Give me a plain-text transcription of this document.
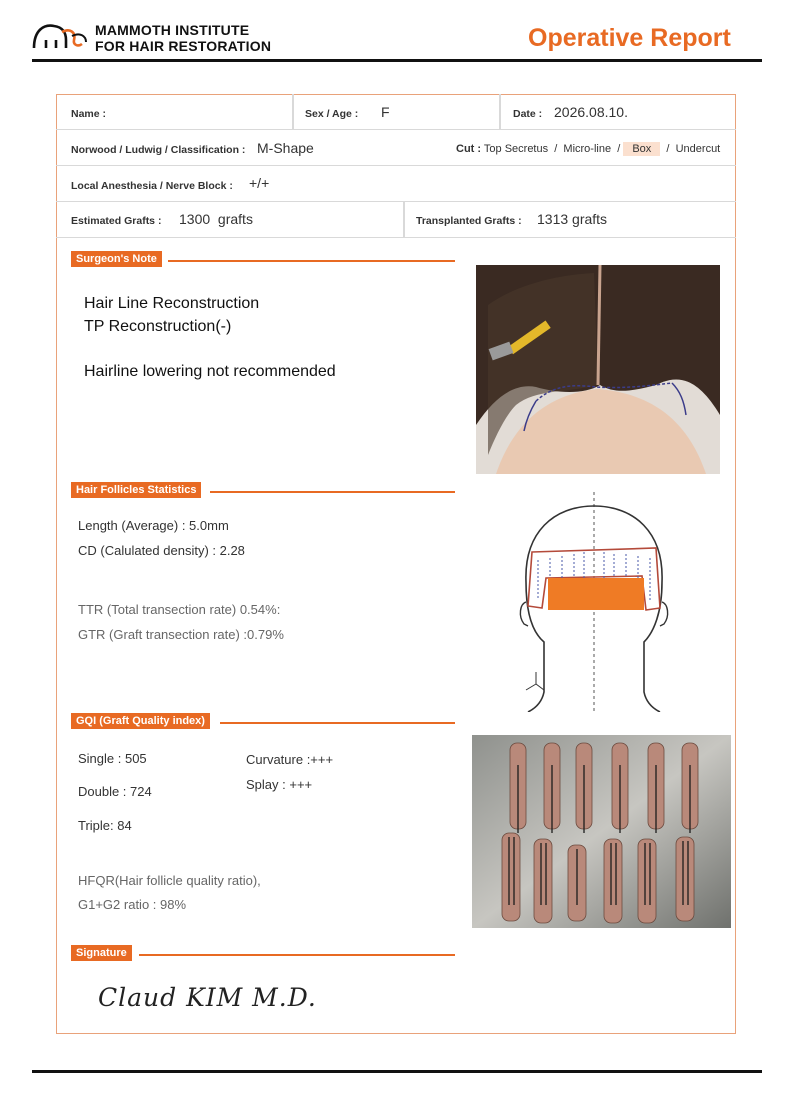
MAMMOTH INSTITUTE
FOR HAIR RESTORATION	Operative Report
Name :	Sex / Age : F	Date : 2026.08.10.
Norwood / Ludwig / Classification : M-Shape	Cut : Top Secretus  /  Micro-line  / Box  /  Undercut
Local Anesthesia / Nerve Block : +/+
Estimated Grafts : 1300  grafts	Transplanted Grafts : 1313 grafts
Surgeon's Note
Hair Line Reconstruction
TP Reconstruction(-)
Hairline lowering not recommended
Hair Follicles Statistics
Length (Average) : 5.0mm
CD (Calulated density) : 2.28
TTR (Total transection rate) 0.54%:
GTR (Graft transection rate) :0.79%
GQI (Graft Quality index)
Single : 505
Double : 724
Triple: 84
Curvature :+++
Splay : +++
HFQR(Hair follicle quality ratio),
G1+G2 ratio : 98%
Signature
Claud KIM M.D.
